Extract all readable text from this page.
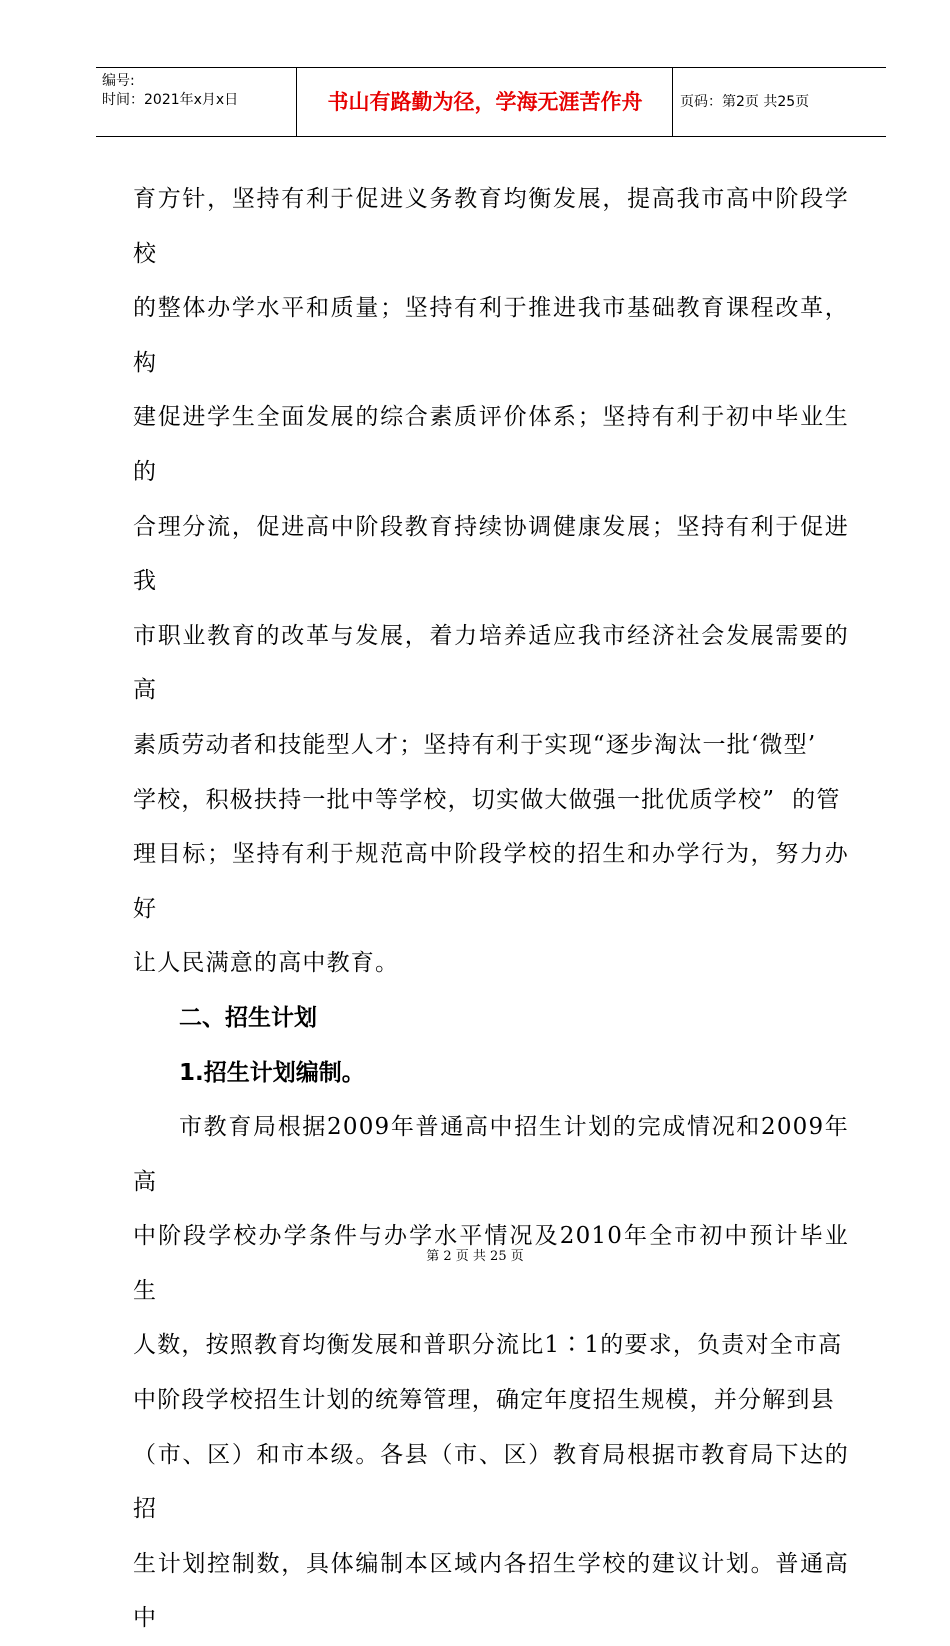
编号:
时间：2021年x月x日	书山有路勤为径，学海无涯苦作舟	页码：第2页 共25页

育方针，坚持有利于促进义务教育均衡发展，提高我市高中阶段学校

的整体办学水平和质量；坚持有利于推进我市基础教育课程改革，构

建促进学生全面发展的综合素质评价体系；坚持有利于初中毕业生的

合理分流，促进高中阶段教育持续协调健康发展；坚持有利于促进我

市职业教育的改革与发展，着力培养适应我市经济社会发展需要的高

素质劳动者和技能型人才；坚持有利于实现“逐步淘汰一批‘微型’

学校，积极扶持一批中等学校，切实做大做强一批优质学校”  的管

理目标；坚持有利于规范高中阶段学校的招生和办学行为，努力办好

让人民满意的高中教育。

二、招生计划

1.招生计划编制。

市教育局根据2009年普通高中招生计划的完成情况和2009年高

中阶段学校办学条件与办学水平情况及2010年全市初中预计毕业生

人数，按照教育均衡发展和普职分流比1∶1的要求，负责对全市高

中阶段学校招生计划的统筹管理，确定年度招生规模，并分解到县

（市、区）和市本级。各县（市、区）教育局根据市教育局下达的招

生计划控制数，具体编制本区域内各招生学校的建议计划。普通高中

第 2 页 共 25 页
